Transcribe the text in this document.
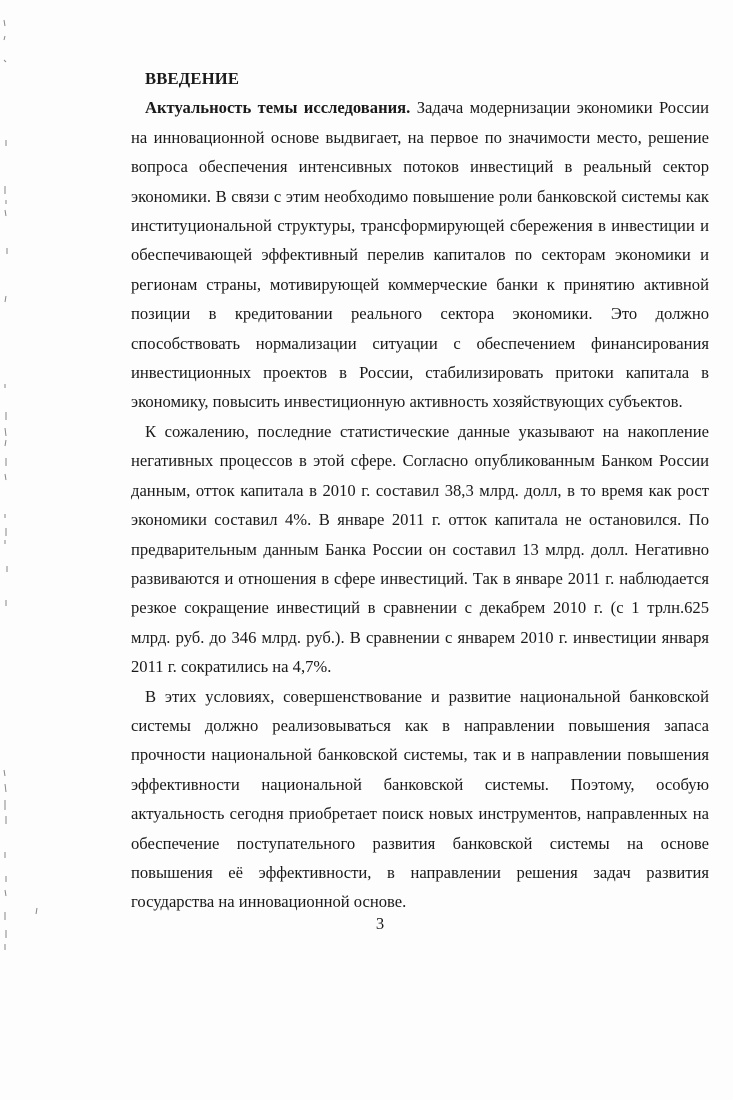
ВВЕДЕНИЕ

Актуальность темы исследования. Задача модернизации экономики России на инновационной основе выдвигает, на первое по значимости место, решение вопроса обеспечения интенсивных потоков инвестиций в реальный сектор экономики. В связи с этим необходимо повышение роли банковской системы как институциональной структуры, трансформирующей сбережения в инвестиции и обеспечивающей эффективный перелив капиталов по секторам экономики и регионам страны, мотивирующей коммерческие банки к принятию активной позиции в кредитовании реального сектора экономики. Это должно способствовать нормализации ситуации с обеспечением финансирования инвестиционных проектов в России, стабилизировать притоки капитала в экономику, повысить инвестиционную активность хозяйствующих субъектов.

К сожалению, последние статистические данные указывают на накопление негативных процессов в этой сфере. Согласно опубликованным Банком России данным, отток капитала в 2010 г. составил 38,3 млрд. долл, в то время как рост экономики составил 4%. В январе 2011 г. отток капитала не остановился. По предварительным данным Банка России он составил 13 млрд. долл. Негативно развиваются и отношения в сфере инвестиций. Так в январе 2011 г. наблюдается резкое сокращение инвестиций в сравнении с декабрем 2010 г. (с 1 трлн.625 млрд. руб. до 346 млрд. руб.). В сравнении с январем 2010 г. инвестиции января 2011 г. сократились на 4,7%.

В этих условиях, совершенствование и развитие национальной банковской системы должно реализовываться как в направлении повышения запаса прочности национальной банковской системы, так и в направлении повышения эффективности национальной банковской системы. Поэтому, особую актуальность сегодня приобретает поиск новых инструментов, направленных на обеспечение поступательного развития банковской системы на основе повышения её эффективности, в направлении решения задач развития государства на инновационной основе.

3
